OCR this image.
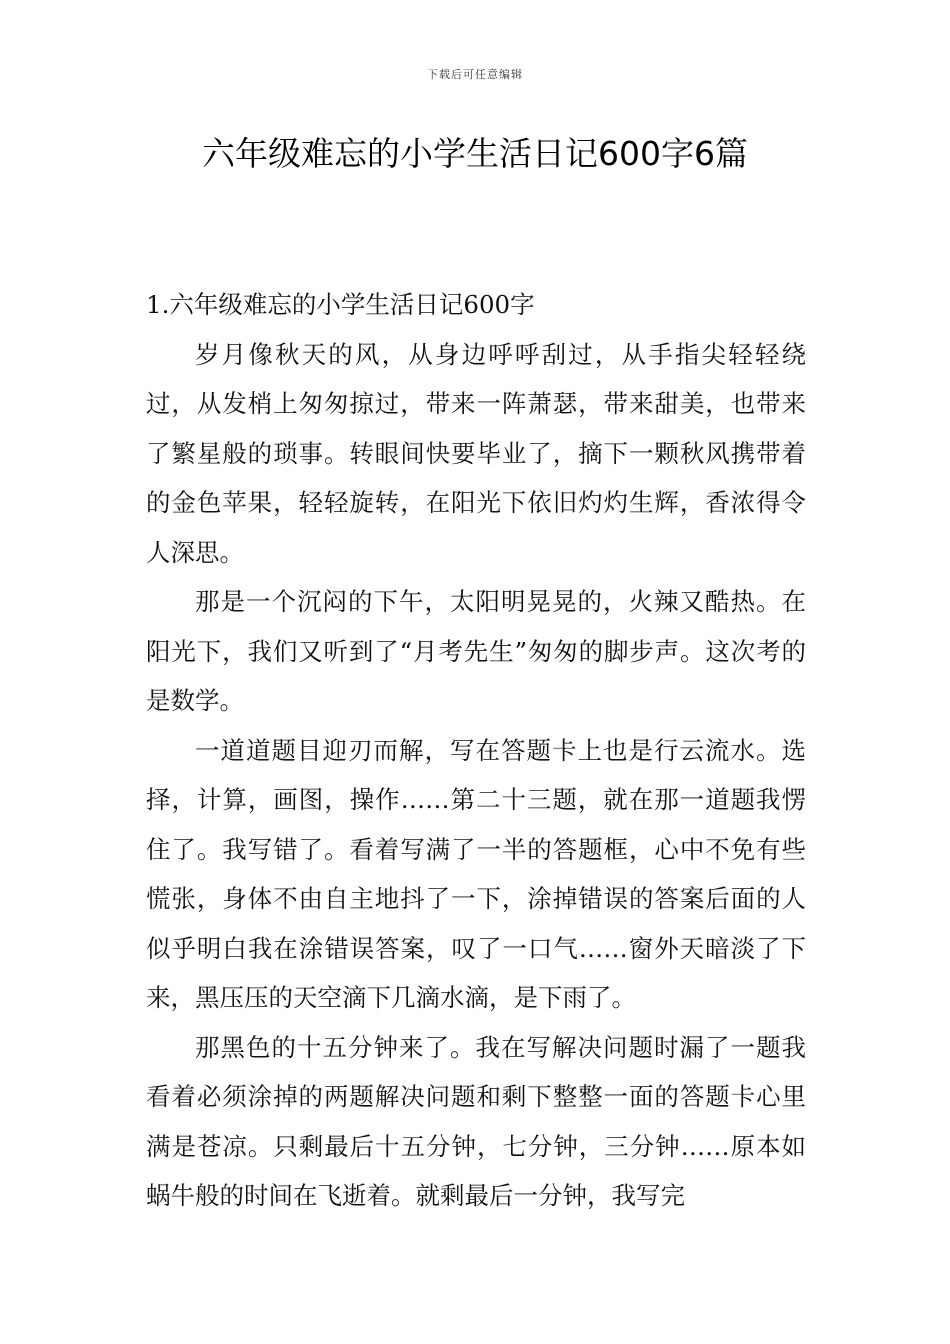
下载后可任意编辑
六年级难忘的小学生活日记600字6篇

1.六年级难忘的小学生活日记600字

岁月像秋天的风，从身边呼呼刮过，从手指尖轻轻绕过，从发梢上匆匆掠过，带来一阵萧瑟，带来甜美，也带来了繁星般的琐事。转眼间快要毕业了，摘下一颗秋风携带着的金色苹果，轻轻旋转，在阳光下依旧灼灼生辉，香浓得令人深思。

那是一个沉闷的下午，太阳明晃晃的，火辣又酷热。在阳光下，我们又听到了“月考先生”匆匆的脚步声。这次考的是数学。

一道道题目迎刃而解，写在答题卡上也是行云流水。选择，计算，画图，操作……第二十三题，就在那一道题我愣住了。我写错了。看着写满了一半的答题框，心中不免有些慌张，身体不由自主地抖了一下，涂掉错误的答案后面的人似乎明白我在涂错误答案，叹了一口气……窗外天暗淡了下来，黑压压的天空滴下几滴水滴，是下雨了。

那黑色的十五分钟来了。我在写解决问题时漏了一题我看着必须涂掉的两题解决问题和剩下整整一面的答题卡心里满是苍凉。只剩最后十五分钟，七分钟，三分钟……原本如蜗牛般的时间在飞逝着。就剩最后一分钟，我写完
